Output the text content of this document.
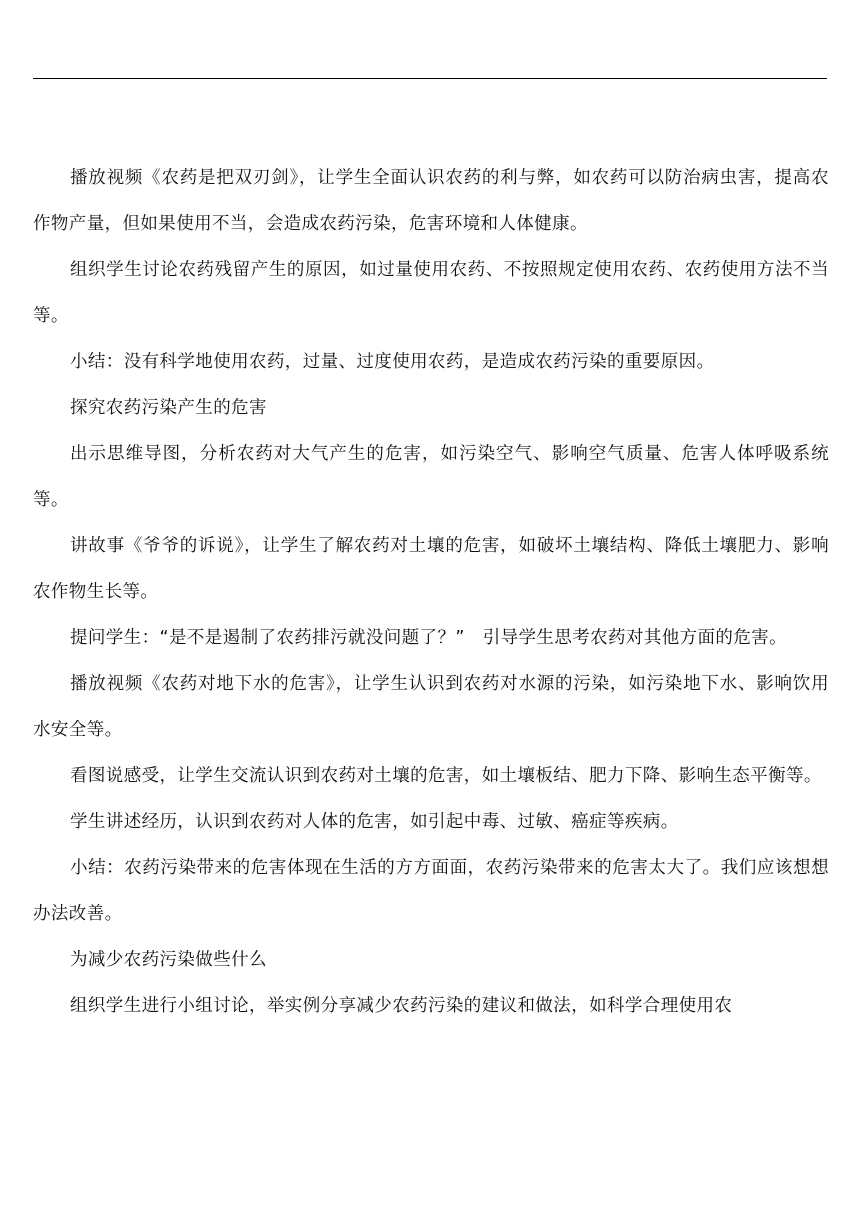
播放视频《农药是把双刃剑》，让学生全面认识农药的利与弊，如农药可以防治病虫害，提高农作物产量，但如果使用不当，会造成农药污染，危害环境和人体健康。

组织学生讨论农药残留产生的原因，如过量使用农药、不按照规定使用农药、农药使用方法不当等。

小结：没有科学地使用农药，过量、过度使用农药，是造成农药污染的重要原因。

探究农药污染产生的危害

出示思维导图，分析农药对大气产生的危害，如污染空气、影响空气质量、危害人体呼吸系统等。

讲故事《爷爷的诉说》，让学生了解农药对土壤的危害，如破坏土壤结构、降低土壤肥力、影响农作物生长等。

提问学生：“是不是遏制了农药排污就没问题了？”　引导学生思考农药对其他方面的危害。

播放视频《农药对地下水的危害》，让学生认识到农药对水源的污染，如污染地下水、影响饮用水安全等。

看图说感受，让学生交流认识到农药对土壤的危害，如土壤板结、肥力下降、影响生态平衡等。

学生讲述经历，认识到农药对人体的危害，如引起中毒、过敏、癌症等疾病。

小结：农药污染带来的危害体现在生活的方方面面，农药污染带来的危害太大了。我们应该想想办法改善。

为减少农药污染做些什么

组织学生进行小组讨论，举实例分享减少农药污染的建议和做法，如科学合理使用农
